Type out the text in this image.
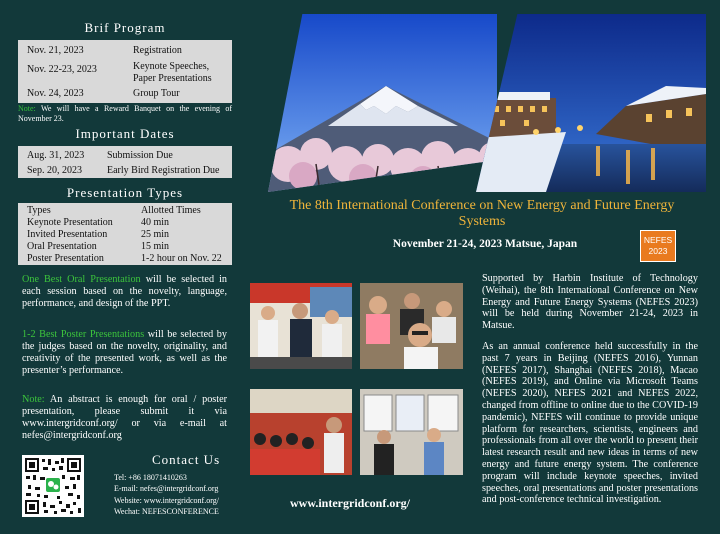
Brif Program
Nov. 21, 2023	Registration
Nov. 22-23, 2023	Keynote Speeches,
Paper Presentations
Nov. 24, 2023	Group Tour
Note: We will have a Reward Banquet on the evening of November 23.
Important Dates
Aug. 31, 2023	Submission Due
Sep. 20, 2023	Early Bird Registration Due
Presentation Types
Types	Allotted Times
Keynote Presentation	40 min
Invited Presentation	25 min
Oral Presentation	15 min
Poster Presentation	1-2 hour on Nov. 22
One Best Oral Presentation will be selected in each session based on the novelty, language, performance, and design of the PPT.
1-2 Best Poster Presentations will be selected by the judges based on the novelty, originality, and creativity of the presented work, as well as the presenter’s performance.
Note: An abstract is enough for oral / poster presentation, please submit it via www.intergridconf.org/ or via e-mail at nefes@intergridconf.org
Contact Us
Tel: +86 18071410263
E-mail: nefes@intergridconf.org
Website: www.intergridconf.org/
Wechat: NEFESCONFERENCE
The 8th International Conference on New Energy and Future Energy Systems
November 21-24, 2023 Matsue, Japan	NEFES
2023
www.intergridconf.org/
Supported by Harbin Institute of Technology (Weihai), the 8th International Conference on New Energy and Future Energy Systems (NEFES 2023) will be held during November 21-24, 2023 in Matsue.
As an annual conference held successfully in the past 7 years in Beijing (NEFES 2016), Yunnan (NEFES 2017), Shanghai (NEFES 2018), Macao (NEFES 2019), and Online via Microsoft Teams (NEFES 2020), NEFES 2021 and NEFES 2022, changed from offline to online due to the COVID-19 pandemic), NEFES will continue to provide unique platform for researchers, scientists, engineers and professionals from all over the world to present their latest research result and new ideas in terms of new energy and future energy system. The conference program will include keynote speeches, invited speeches, oral presentations and poster presentations and post-conference technical investigation.
